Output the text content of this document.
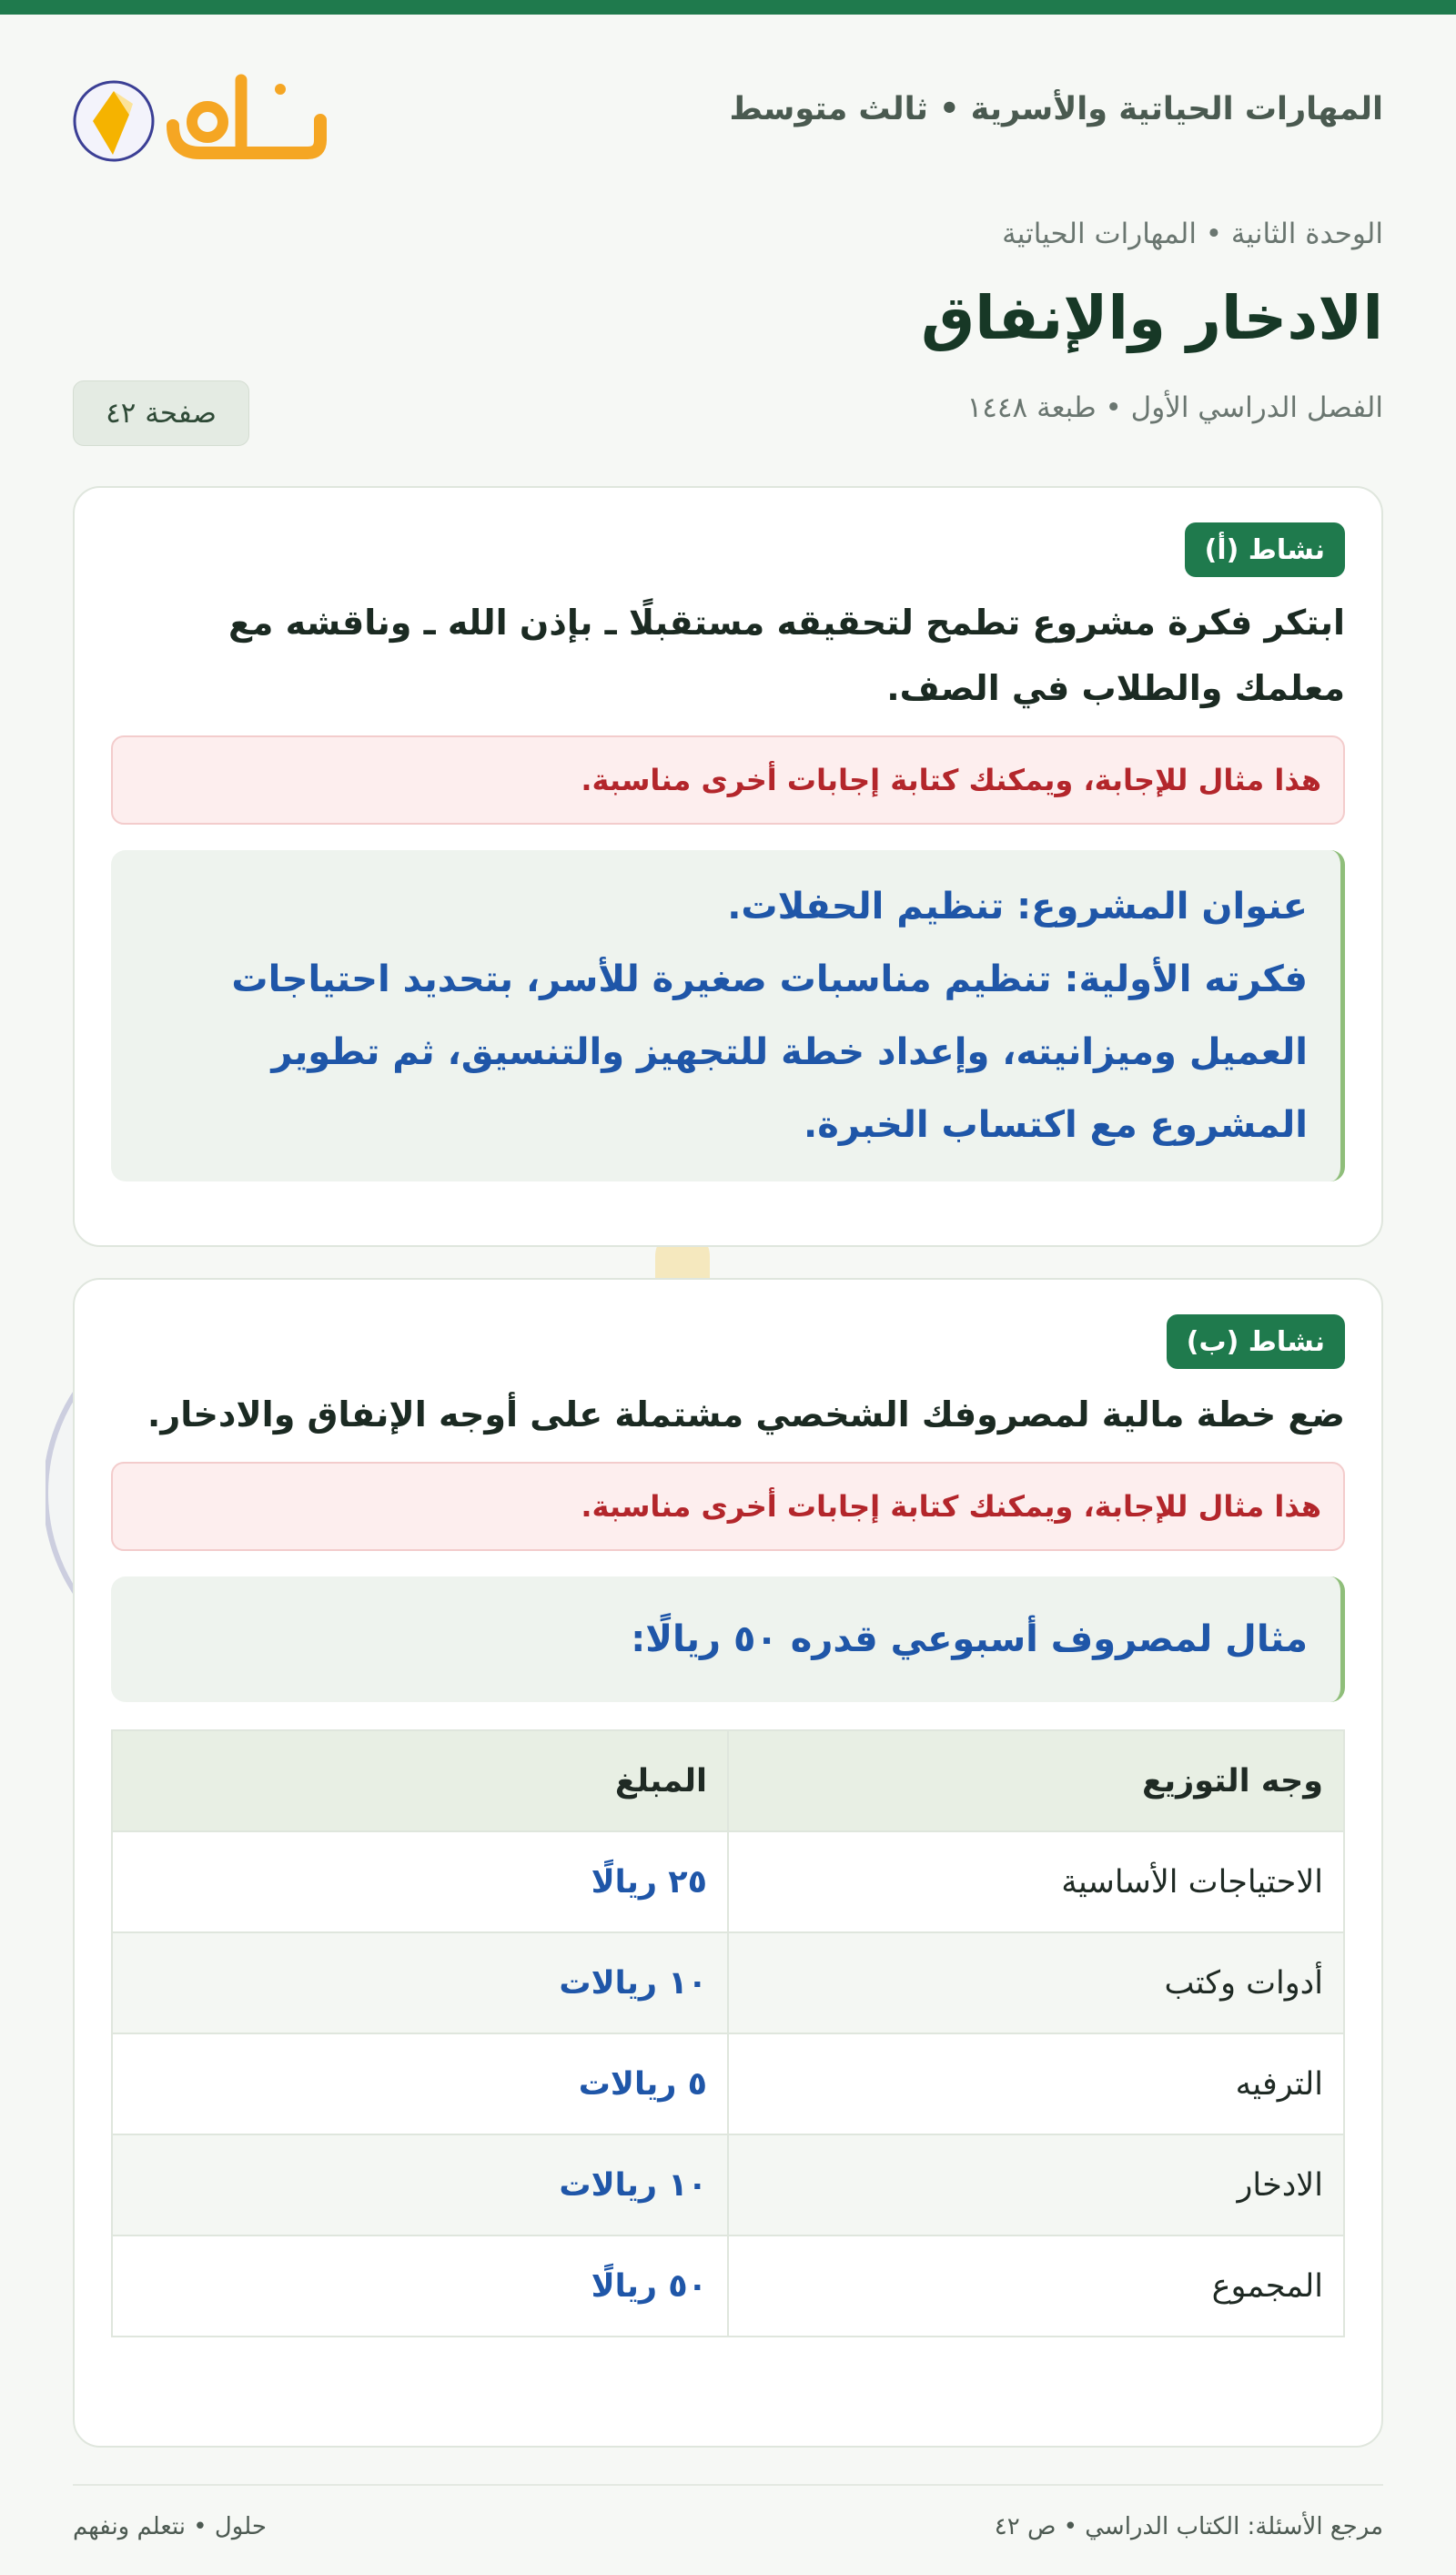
المهارات الحياتية والأسرية • ثالث متوسط
الوحدة الثانية • المهارات الحياتية
الادخار والإنفاق
الفصل الدراسي الأول • طبعة ١٤٤٨
صفحة ٤٢
نشاط (أ)
ابتكر فكرة مشروع تطمح لتحقيقه مستقبلًا ـ بإذن الله ـ وناقشه مع معلمك والطلاب في الصف.
هذا مثال للإجابة، ويمكنك كتابة إجابات أخرى مناسبة.
عنوان المشروع: تنظيم الحفلات.
فكرته الأولية: تنظيم مناسبات صغيرة للأسر، بتحديد احتياجات العميل وميزانيته، وإعداد خطة للتجهيز والتنسيق، ثم تطوير المشروع مع اكتساب الخبرة.
نشاط (ب)
ضع خطة مالية لمصروفك الشخصي مشتملة على أوجه الإنفاق والادخار.
هذا مثال للإجابة، ويمكنك كتابة إجابات أخرى مناسبة.
مثال لمصروف أسبوعي قدره ٥٠ ريالًا:
وجه التوزيع	المبلغ
الاحتياجات الأساسية	٢٥ ريالًا
أدوات وكتب	١٠ ريالات
الترفيه	٥ ريالات
الادخار	١٠ ريالات
المجموع	٥٠ ريالًا
مرجع الأسئلة: الكتاب الدراسي • ص ٤٢
حلول • نتعلم ونفهم
